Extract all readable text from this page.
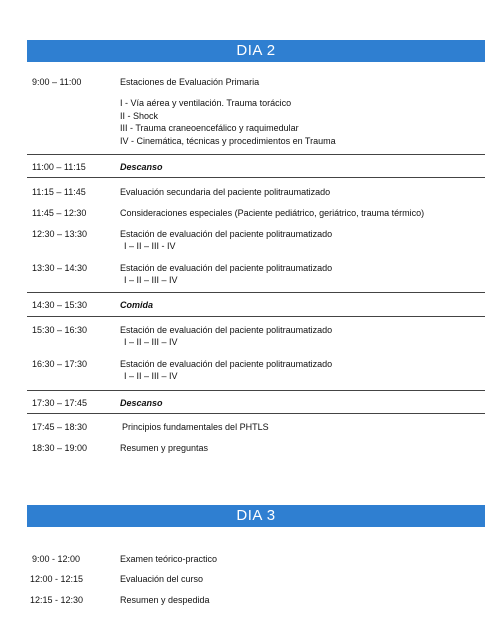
DIA 2
9:00 – 11:00	Estaciones de Evaluación Primaria
I - Vía aérea y ventilación. Trauma torácico
II - Shock
III - Trauma craneoencefálico y raquimedular
IV - Cinemática, técnicas y procedimientos en Trauma
11:00 – 11:15	Descanso
11:15 – 11:45	Evaluación secundaria del paciente politraumatizado
11:45 – 12:30	Consideraciones especiales (Paciente pediátrico, geriátrico, trauma térmico)
12:30 – 13:30	Estación de evaluación del paciente politraumatizado
I – II – III - IV
13:30 – 14:30	Estación de evaluación del paciente politraumatizado
I – II – III – IV
14:30 – 15:30	Comida
15:30 – 16:30	Estación de evaluación del paciente politraumatizado
I – II – III – IV
16:30 – 17:30	Estación de evaluación del paciente politraumatizado
I – II – III – IV
17:30 – 17:45	Descanso
17:45 – 18:30	Principios fundamentales del PHTLS
18:30 – 19:00	Resumen y preguntas
DIA 3
9:00 - 12:00	Examen teórico-practico
12:00 - 12:15	Evaluación del curso
12:15 - 12:30	Resumen y despedida
